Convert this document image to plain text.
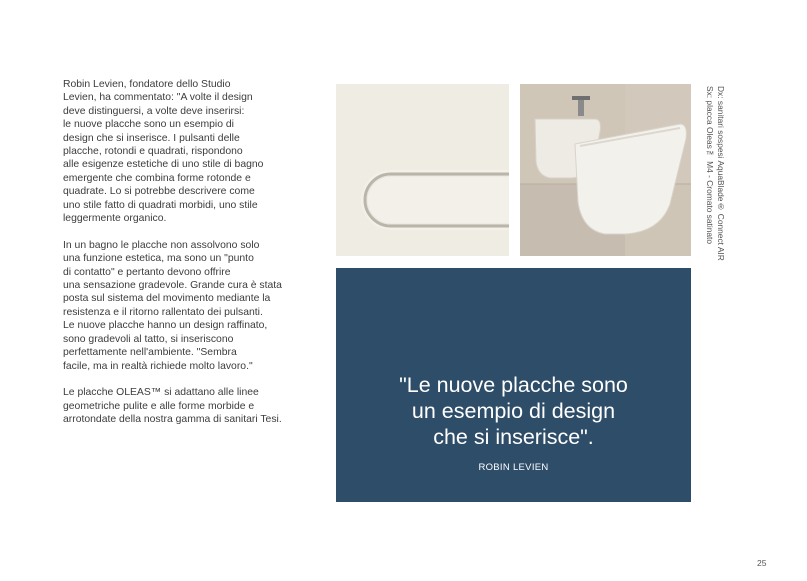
Robin Levien, fondatore dello Studio
Levien, ha commentato: "A volte il design
deve distinguersi, a volte deve inserirsi:
le nuove placche sono un esempio di
design che si inserisce. I pulsanti delle
placche, rotondi e quadrati, rispondono
alle esigenze estetiche di uno stile di bagno
emergente che combina forme rotonde e
quadrate. Lo si potrebbe descrivere come
uno stile fatto di quadrati morbidi, uno stile
leggermente organico.

In un bagno le placche non assolvono solo
una funzione estetica, ma sono un "punto
di contatto" e pertanto devono offrire
una sensazione gradevole. Grande cura è stata
posta sul sistema del movimento mediante la
resistenza e il ritorno rallentato dei pulsanti.
Le nuove placche hanno un design raffinato,
sono gradevoli al tatto, si inseriscono
perfettamente nell'ambiente. "Sembra
facile, ma in realtà richiede molto lavoro."

Le placche OLEAS™ si adattano alle linee
geometriche pulite e alle forme morbide e
arrotondate della nostra gamma di sanitari Tesi.

"Le nuove placche sono
un esempio di design
che si inserisce".
ROBIN LEVIEN
Dx: sanitari sospesi AquaBlade® Connect AIR
Sx: placca Oleas™ M4 - Cromato satinato
25
